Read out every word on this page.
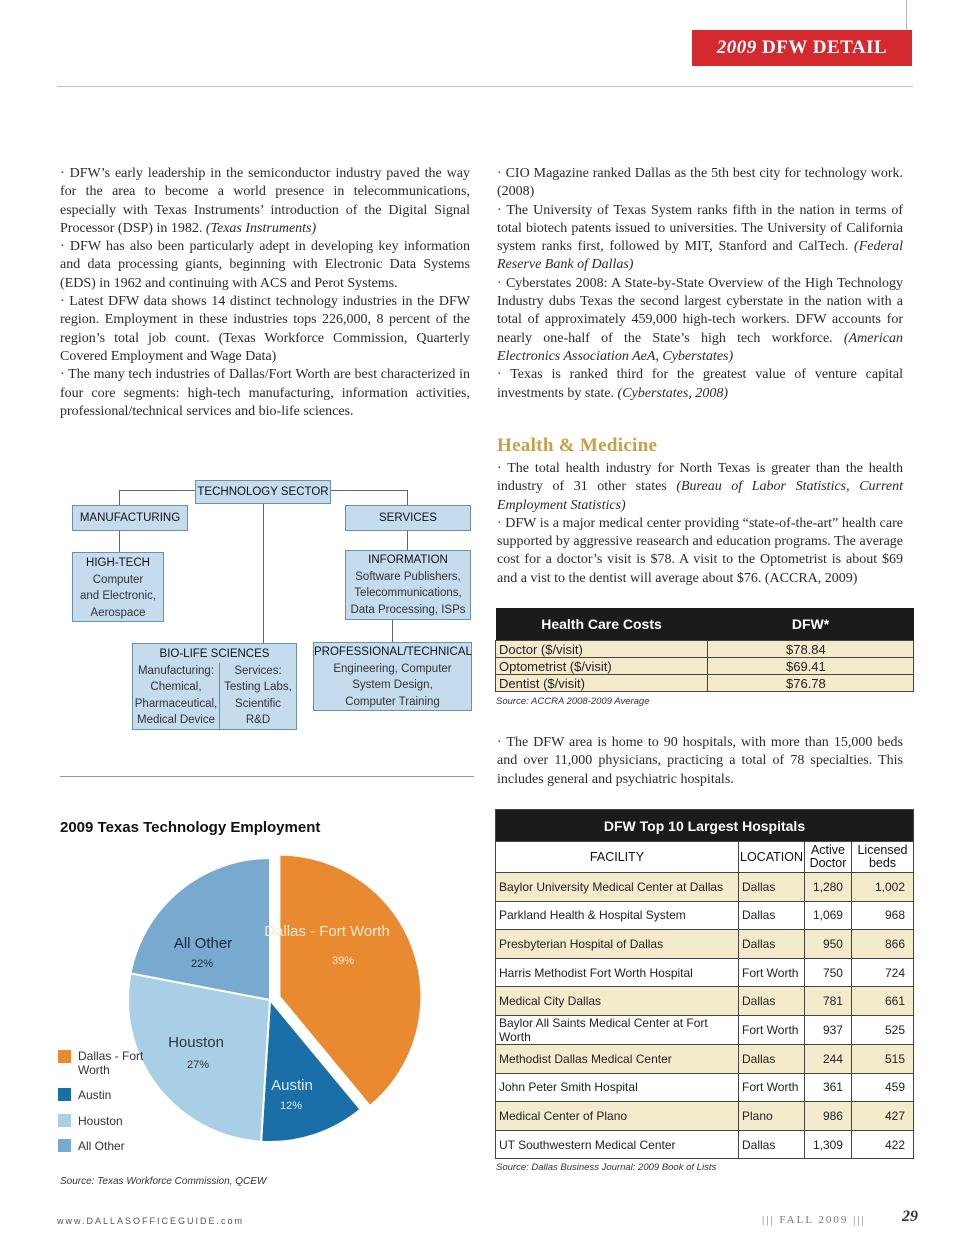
2009 DFW DETAIL

· DFW’s early leadership in the semiconductor industry paved the way for the area to become a world presence in telecommunications, especially with Texas Instruments’ introduction of the Digital Signal Processor (DSP) in 1982. (Texas Instruments)

· DFW has also been particularly adept in developing key information and data processing giants, beginning with Electronic Data Systems (EDS) in 1962 and continuing with ACS and Perot Systems.

· Latest DFW data shows 14 distinct technology industries in the DFW region. Employment in these industries tops 226,000, 8 percent of the region’s total job count. (Texas Workforce Commission, Quarterly Covered Employment and Wage Data)

· The many tech industries of Dallas/Fort Worth are best characterized in four core segments: high-tech manufacturing, information activities, professional/technical services and bio-life sciences.

· CIO Magazine ranked Dallas as the 5th best city for technology work. (2008)

· The University of Texas System ranks fifth in the nation in terms of total biotech patents issued to universities. The University of California system ranks first, followed by MIT, Stanford and CalTech. (Federal Reserve Bank of Dallas)

· Cyberstates 2008: A State-by-State Overview of the High Technology Industry dubs Texas the second largest cyberstate in the nation with a total of approximately 459,000 high-tech workers. DFW accounts for nearly one-half of the State’s high tech workforce. (American Electronics Association AeA, Cyberstates)

· Texas is ranked third for the greatest value of venture capital investments by state. (Cyberstates, 2008)

Health & Medicine

· The total health industry for North Texas is greater than the health industry of 31 other states (Bureau of Labor Statistics, Current Employment Statistics)

· DFW is a major medical center providing “state-of-the-art” health care supported by aggressive reasearch and education programs. The average cost for a doctor’s visit is $78. A visit to the Optometrist is about $69 and a vist to the dentist will average about $76. (ACCRA, 2009)

TECHNOLOGY SECTOR
MANUFACTURING	SERVICES
HIGH-TECH
Computer
and Electronic,
Aerospace
INFORMATION
Software Publishers,
Telecommunications,
Data Processing, ISPs
BIO-LIFE SCIENCES
Manufacturing:
Chemical,
Pharmaceutical,
Medical Device
Services:
Testing Labs,
Scientific
R&D
PROFESSIONAL/TECHNICAL
Engineering, Computer
System Design,
Computer Training
2009 Texas Technology Employment
Dallas - Fort Worth
39%
Austin
12%
Houston
27%
All Other
22%
Dallas - Fort Worth
Austin
Houston
All Other
Source: Texas Workforce Commission, QCEW
Health Care Costs	DFW*
Doctor ($/visit)	$78.84
Optometrist ($/visit)	$69.41
Dentist ($/visit)	$76.78
Source: ACCRA 2008-2009 Average
· The DFW area is home to 90 hospitals, with more than 15,000 beds and over 11,000 physicians, practicing a total of 78 specialties. This includes general and psychiatric hospitals.
DFW Top 10 Largest Hospitals			
FACILITY	LOCATION	Active Doctor	Licensed beds
Baylor University Medical Center at Dallas	Dallas	1,280	1,002
Parkland Health & Hospital System	Dallas	1,069	968
Presbyterian Hospital of Dallas	Dallas	950	866
Harris Methodist Fort Worth Hospital	Fort Worth	750	724
Medical City Dallas	Dallas	781	661
Baylor All Saints Medical Center at Fort Worth	Fort Worth	937	525
Methodist Dallas Medical Center	Dallas	244	515
John Peter Smith Hospital	Fort Worth	361	459
Medical Center of Plano	Plano	986	427
UT Southwestern Medical Center	Dallas	1,309	422
Source: Dallas Business Journal: 2009 Book of Lists
www.DALLASOFFICEGUIDE.com	||| FALL 2009 ||| 29
